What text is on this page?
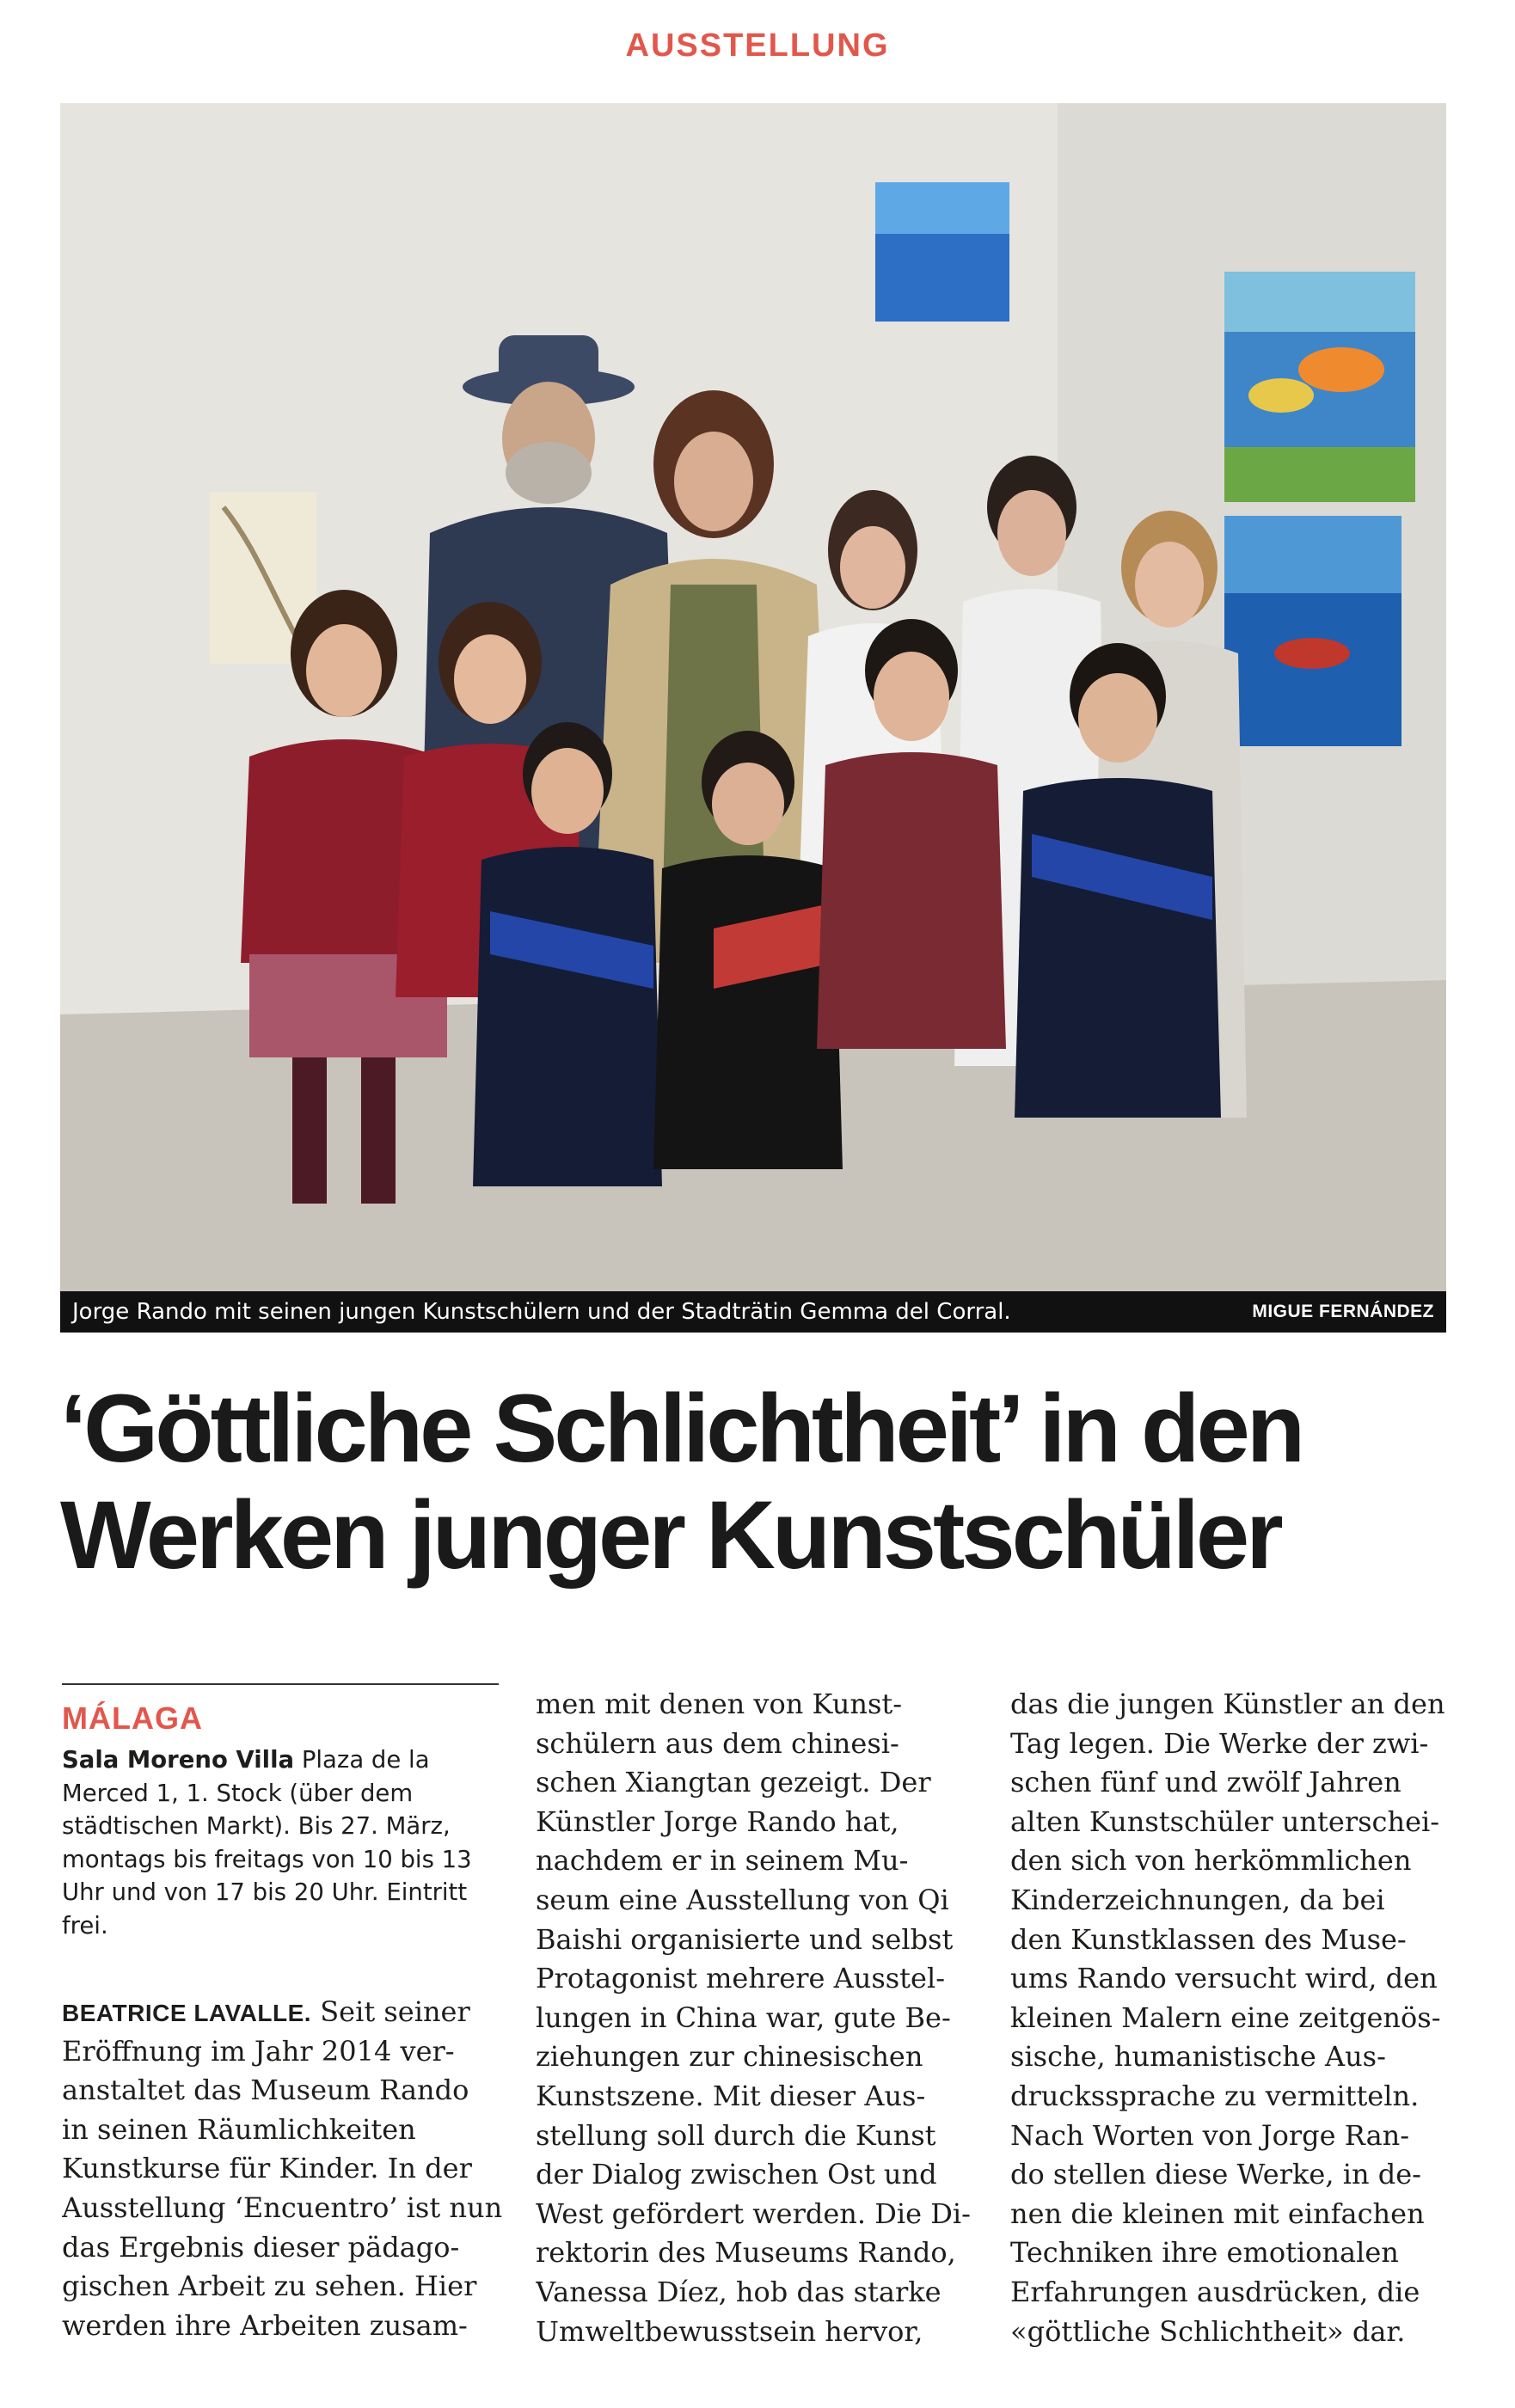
AUSSTELLUNG
Jorge Rando mit seinen jungen Kunstschülern und der Stadträtin Gemma del Corral.	MIGUE FERNÁNDEZ
‘Göttliche Schlichtheit’ in den
Werken junger Kunstschüler
MÁLAGA
Sala Moreno Villa Plaza de la
Merced 1, 1. Stock (über dem
städtischen Markt). Bis 27. März,
montags bis freitags von 10 bis 13
Uhr und von 17 bis 20 Uhr. Eintritt
frei.
BEATRICE LAVALLE. Seit seiner
Eröffnung im Jahr 2014 ver-
anstaltet das Museum Rando
in seinen Räumlichkeiten
Kunstkurse für Kinder. In der
Ausstellung ‘Encuentro’ ist nun
das Ergebnis dieser pädago-
gischen Arbeit zu sehen. Hier
werden ihre Arbeiten zusam-
men mit denen von Kunst-
schülern aus dem chinesi-
schen Xiangtan gezeigt. Der
Künstler Jorge Rando hat,
nachdem er in seinem Mu-
seum eine Ausstellung von Qi
Baishi organisierte und selbst
Protagonist mehrere Ausstel-
lungen in China war, gute Be-
ziehungen zur chinesischen
Kunstszene. Mit dieser Aus-
stellung soll durch die Kunst
der Dialog zwischen Ost und
West gefördert werden. Die Di-
rektorin des Museums Rando,
Vanessa Díez, hob das starke
Umweltbewusstsein hervor,
das die jungen Künstler an den
Tag legen. Die Werke der zwi-
schen fünf und zwölf Jahren
alten Kunstschüler unterschei-
den sich von herkömmlichen
Kinderzeichnungen, da bei
den Kunstklassen des Muse-
ums Rando versucht wird, den
kleinen Malern eine zeitgenös-
sische, humanistische Aus-
druckssprache zu vermitteln.
Nach Worten von Jorge Ran-
do stellen diese Werke, in de-
nen die kleinen mit einfachen
Techniken ihre emotionalen
Erfahrungen ausdrücken, die
«göttliche Schlichtheit» dar.
